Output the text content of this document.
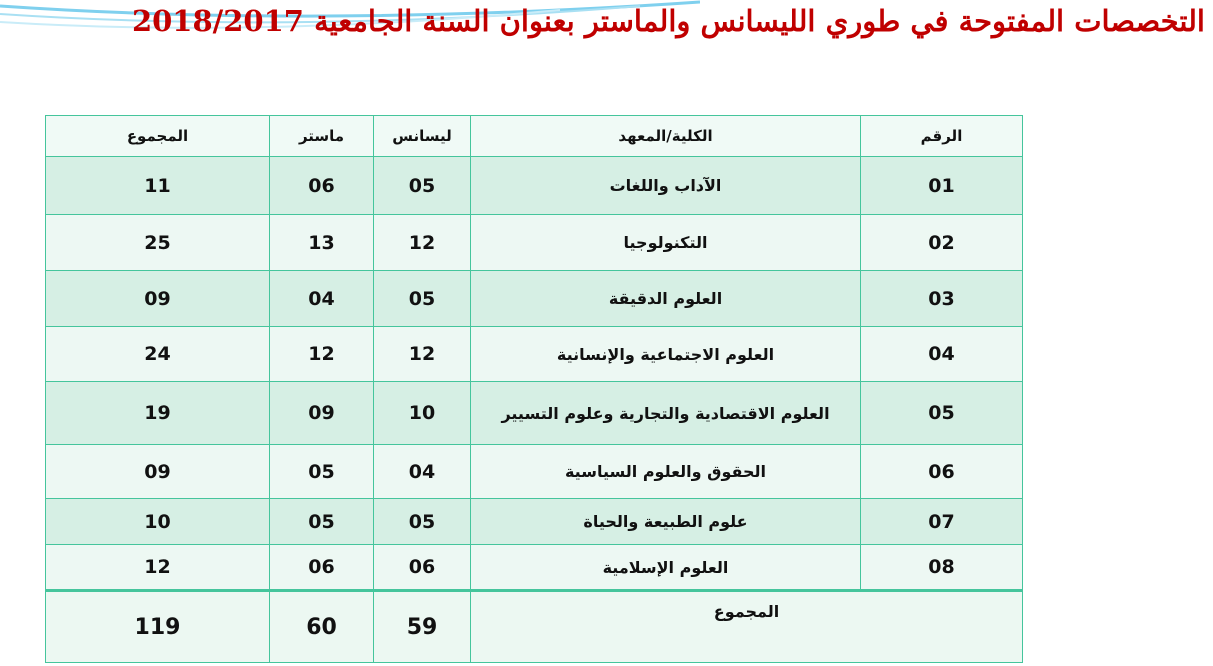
التخصصات المفتوحة في طوري الليسانس والماستر بعنوان السنة الجامعية 2018/2017
الرقم	الكلية/المعهد	ليسانس	ماستر	المجموع
01	الآداب واللغات	05	06	11
02	التكنولوجيا	12	13	25
03	العلوم الدقيقة	05	04	09
04	العلوم الاجتماعية والإنسانية	12	12	24
05	العلوم الاقتصادية والتجارية وعلوم التسيير	10	09	19
06	الحقوق والعلوم السياسية	04	05	09
07	علوم الطبيعة والحياة	05	05	10
08	العلوم الإسلامية	06	06	12
المجموع		59	60	119
